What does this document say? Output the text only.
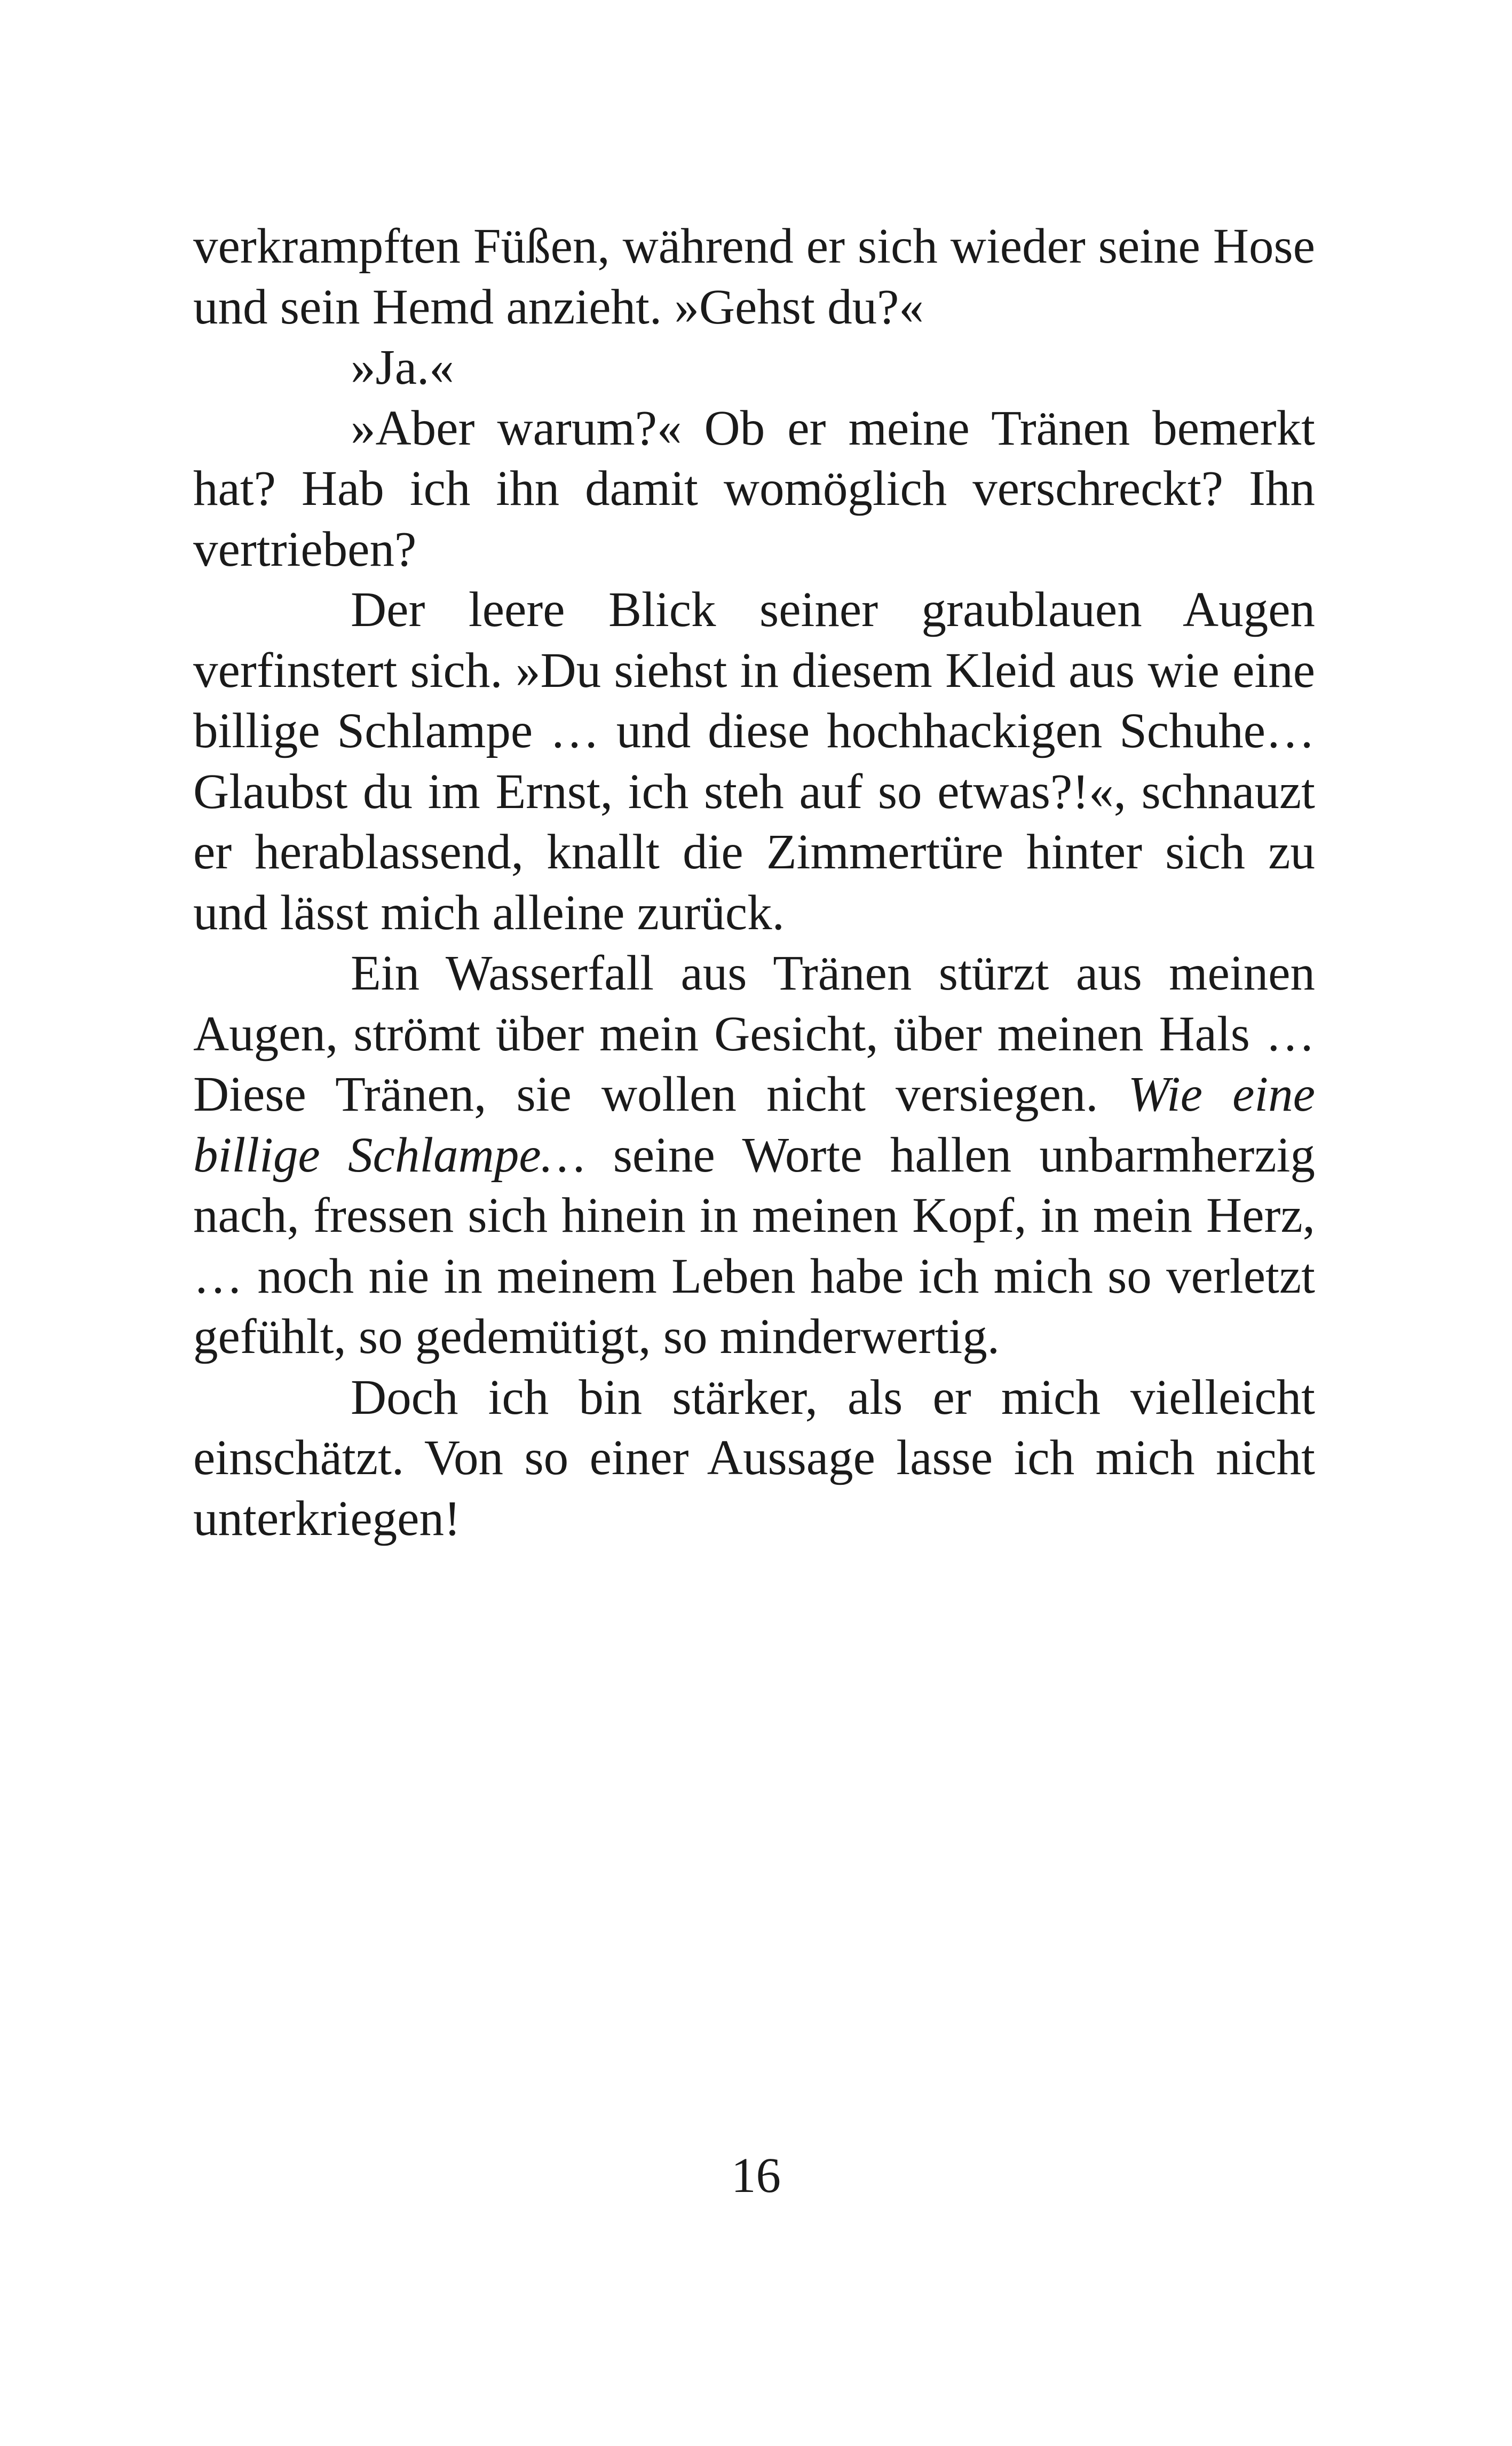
verkrampften Füßen, während er sich wieder seine Hose und sein Hemd anzieht. »Gehst du?«

»Ja.«

»Aber warum?« Ob er meine Tränen bemerkt hat? Hab ich ihn damit womöglich verschreckt? Ihn vertrieben?

Der leere Blick seiner graublauen Augen verfinstert sich. »Du siehst in diesem Kleid aus wie eine billige Schlampe … und diese hochhackigen Schuhe… Glaubst du im Ernst, ich steh auf so etwas?!«, schnauzt er herablassend, knallt die Zimmertüre hinter sich zu und lässt mich alleine zurück.

Ein Wasserfall aus Tränen stürzt aus meinen Augen, strömt über mein Gesicht, über meinen Hals … Diese Tränen, sie wollen nicht versiegen. Wie eine billige Schlampe… seine Worte hallen unbarmherzig nach, fressen sich hinein in meinen Kopf, in mein Herz, … noch nie in meinem Leben habe ich mich so verletzt gefühlt, so gedemütigt, so minderwertig.

Doch ich bin stärker, als er mich vielleicht einschätzt. Von so einer Aussage lasse ich mich nicht unterkriegen!

16
